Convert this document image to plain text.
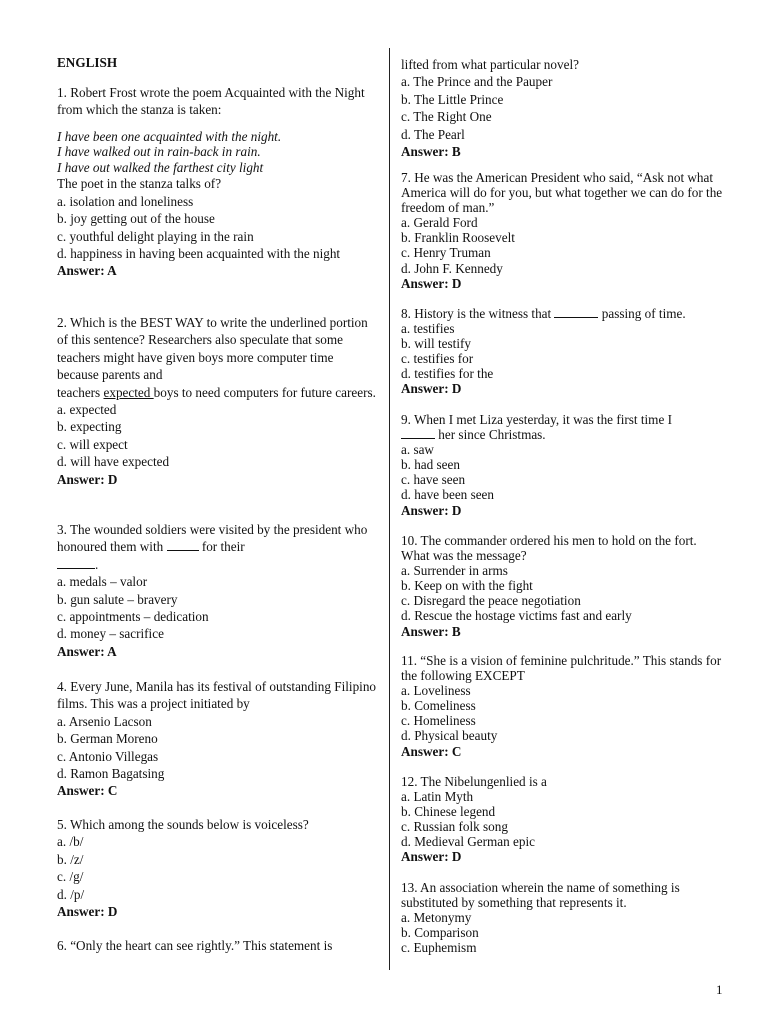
ENGLISH

1. Robert Frost wrote the poem Acquainted with the Night from which the stanza is taken:

I have been one acquainted with the night.

I have walked out in rain-back in rain.

I have out walked the farthest city light

The poet in the stanza talks of?

a. isolation and loneliness

b. joy getting out of the house

c. youthful delight playing in the rain

d. happiness in having been acquainted with the night

Answer: A

2. Which is the BEST WAY to write the underlined portion of this sentence? Researchers also speculate that some teachers might have given boys more computer time because parents and

teachers expected boys to need computers for future careers.

a. expected

b. expecting

c. will expect

d. will have expected

Answer: D

3. The wounded soldiers were visited by the president who honoured them with	for their
.

a. medals – valor

b. gun salute – bravery

c. appointments – dedication

d. money – sacrifice

Answer: A

4. Every June, Manila has its festival of outstanding Filipino films. This was a project initiated by

a. Arsenio Lacson

b. German Moreno

c. Antonio Villegas

d. Ramon Bagatsing

Answer: C

5. Which among the sounds below is voiceless?

a. /b/

b. /z/

c. /g/

d. /p/

Answer: D

6. “Only the heart can see rightly.” This statement is

lifted from what particular novel?

a. The Prince and the Pauper

b. The Little Prince

c. The Right One

d. The Pearl

Answer: B

7. He was the American President who said, “Ask not what America will do for you, but what together we can do for the freedom of man.”

a. Gerald Ford

b. Franklin Roosevelt

c. Henry Truman

d. John F. Kennedy

Answer: D

8. History is the witness that	passing of time.

a. testifies

b. will testify

c. testifies for

d. testifies for the

Answer: D

9. When I met Liza yesterday, it was the first time I
her since Christmas.

a. saw

b. had seen

c. have seen

d. have been seen

Answer: D

10. The commander ordered his men to hold on the fort. What was the message?

a. Surrender in arms

b. Keep on with the fight

c. Disregard the peace negotiation

d. Rescue the hostage victims fast and early

Answer: B

11. “She is a vision of feminine pulchritude.” This stands for the following EXCEPT

a. Loveliness

b. Comeliness

c. Homeliness

d. Physical beauty

Answer: C

12. The Nibelungenlied is a

a. Latin Myth

b. Chinese legend

c. Russian folk song

d. Medieval German epic

Answer: D

13. An association wherein the name of something is substituted by something that represents it.

a. Metonymy

b. Comparison

c. Euphemism

1
